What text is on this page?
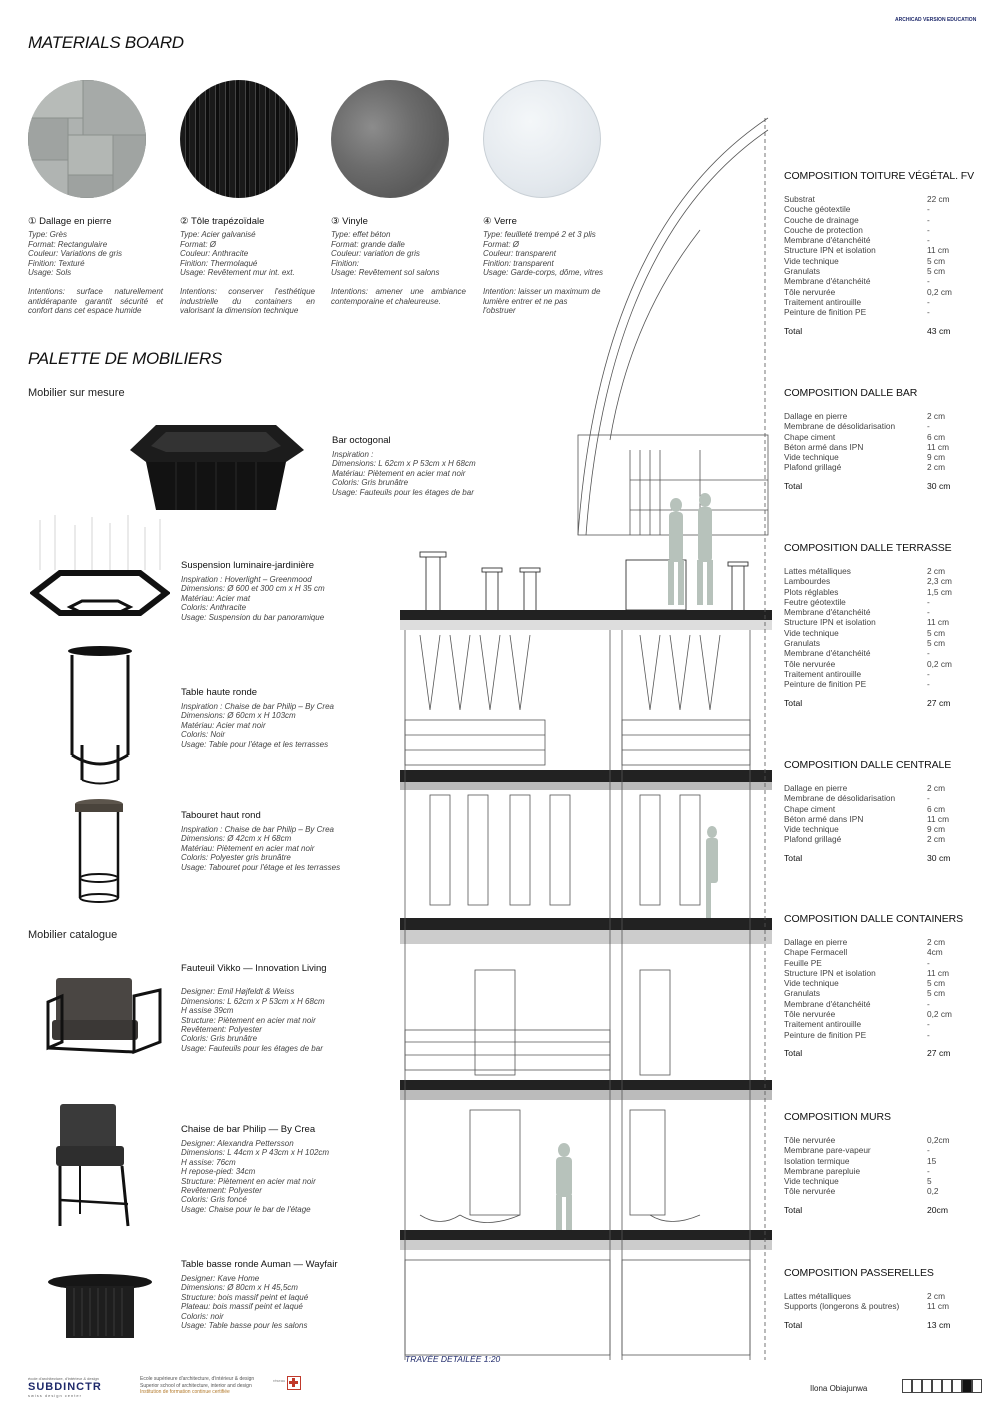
ARCHICAD VERSION EDUCATION
MATERIALS BOARD
① Dallage en pierre
Type: Grès
Format: Rectangulaire
Couleur: Variations de gris
Finition: Texturé
Usage: Sols
Intentions: surface naturellement antidérapante garantit sécurité et confort dans cet espace humide
② Tôle trapézoïdale
Type: Acier galvanisé
Format: Ø
Couleur: Anthracite
Finition: Thermolaqué
Usage: Revêtement mur int. ext.
Intentions: conserver l'esthétique industrielle du containers en valorisant la dimension technique
③ Vinyle
Type: effet béton
Format: grande dalle
Couleur: variation de gris
Finition:
Usage: Revêtement sol salons
Intentions: amener une ambiance contemporaine et chaleureuse.
④ Verre
Type: feuilleté trempé 2 et 3 plis
Format: Ø
Couleur: transparent
Finition: transparent
Usage: Garde-corps, dôme, vitres
Intention: laisser un maximum de lumière entrer et ne pas l'obstruer
PALETTE DE MOBILIERS
Mobilier sur mesure
Mobilier catalogue
Bar octogonal
Inspiration :
Dimensions: L 62cm x P 53cm x H 68cm
Matériau: Piètement en acier mat noir
Coloris: Gris brunâtre
Usage: Fauteuils pour les étages de bar
Suspension luminaire-jardinière
Inspiration : Hoverlight – Greenmood
Dimensions: Ø 600 et 300 cm x H 35 cm
Matériau: Acier mat
Coloris: Anthracite
Usage: Suspension du bar panoramique
Table haute ronde
Inspiration : Chaise de bar Philip – By Crea
Dimensions: Ø 60cm x H 103cm
Matériau: Acier mat noir
Coloris: Noir
Usage: Table pour l'étage et les terrasses
Tabouret haut rond
Inspiration : Chaise de bar Philip – By Crea
Dimensions: Ø 42cm x H 68cm
Matériau: Piètement en acier mat noir
Coloris: Polyester gris brunâtre
Usage: Tabouret pour l'étage et les terrasses
Fauteuil Vikko — Innovation Living

Designer: Emil Højfeldt & Weiss
Dimensions: L 62cm x P 53cm x H 68cm
H assise 39cm
Structure: Piètement en acier mat noir
Revêtement: Polyester
Coloris: Gris brunâtre
Usage: Fauteuils pour les étages de bar
Chaise de bar Philip — By Crea
Designer: Alexandra Pettersson
Dimensions: L 44cm x P 43cm x H 102cm
H assise: 76cm
H repose-pied: 34cm
Structure: Piètement en acier mat noir
Revêtement: Polyester
Coloris: Gris foncé
Usage: Chaise pour le bar de l'étage
Table basse ronde Auman — Wayfair
Designer: Kave Home
Dimensions: Ø 80cm x H 45,5cm
Structure: bois massif peint et laqué
Plateau: bois massif peint et laqué
Coloris: noir
Usage: Table basse pour les salons
TRAVÉE DETAILÉE 1:20
COMPOSITION TOITURE VÉGÉTAL. FV
Substrat	22 cm
Couche géotextile	-
Couche de drainage	-
Couche de protection	-
Membrane d'étanchéité	-
Structure IPN et isolation	11 cm
Vide technique	5 cm
Granulats	5 cm
Membrane d'étanchéité	-
Tôle nervurée	0,2 cm
Traitement antirouille	-
Peinture de finition PE	-
Total	43 cm
COMPOSITION DALLE BAR
Dallage en pierre	2 cm
Membrane de désolidarisation	-
Chape ciment	6 cm
Béton armé dans IPN	11 cm
Vide technique	9 cm
Plafond grillagé	2 cm
Total	30 cm
COMPOSITION DALLE TERRASSE
Lattes métalliques	2 cm
Lambourdes	2,3 cm
Plots réglables	1,5 cm
Feutre géotextile	-
Membrane d'étanchéité	-
Structure IPN et isolation	11 cm
Vide technique	5 cm
Granulats	5 cm
Membrane d'étanchéité	-
Tôle nervurée	0,2 cm
Traitement antirouille	-
Peinture de finition PE	-
Total	27 cm
COMPOSITION DALLE CENTRALE
Dallage en pierre	2 cm
Membrane de désolidarisation	-
Chape ciment	6 cm
Béton armé dans IPN	11 cm
Vide technique	9 cm
Plafond grillagé	2 cm
Total	30 cm
COMPOSITION DALLE CONTAINERS
Dallage en pierre	2 cm
Chape Fermacell	4cm
Feuille PE	-
Structure IPN et isolation	11 cm
Vide technique	5 cm
Granulats	5 cm
Membrane d'étanchéité	-
Tôle nervurée	0,2 cm
Traitement antirouille	-
Peinture de finition PE	-
Total	27 cm
COMPOSITION MURS
Tôle nervurée	0,2cm
Membrane pare-vapeur	-
Isolation termique	15
Membrane parepluie	-
Vide technique	5
Tôle nervurée	0,2
Total	20cm
COMPOSITION PASSERELLES
Lattes métalliques	2 cm
Supports (longerons & poutres)	11 cm
Total	13 cm
école d'architecture, d'intérieur & design
SUBDINCTR
swiss design center
Ecole supérieure d'architecture, d'intérieur & design
Superior school of architecture, interior and design
Institution de formation continue certifiée
réseau
Ilona Obiajunwa
